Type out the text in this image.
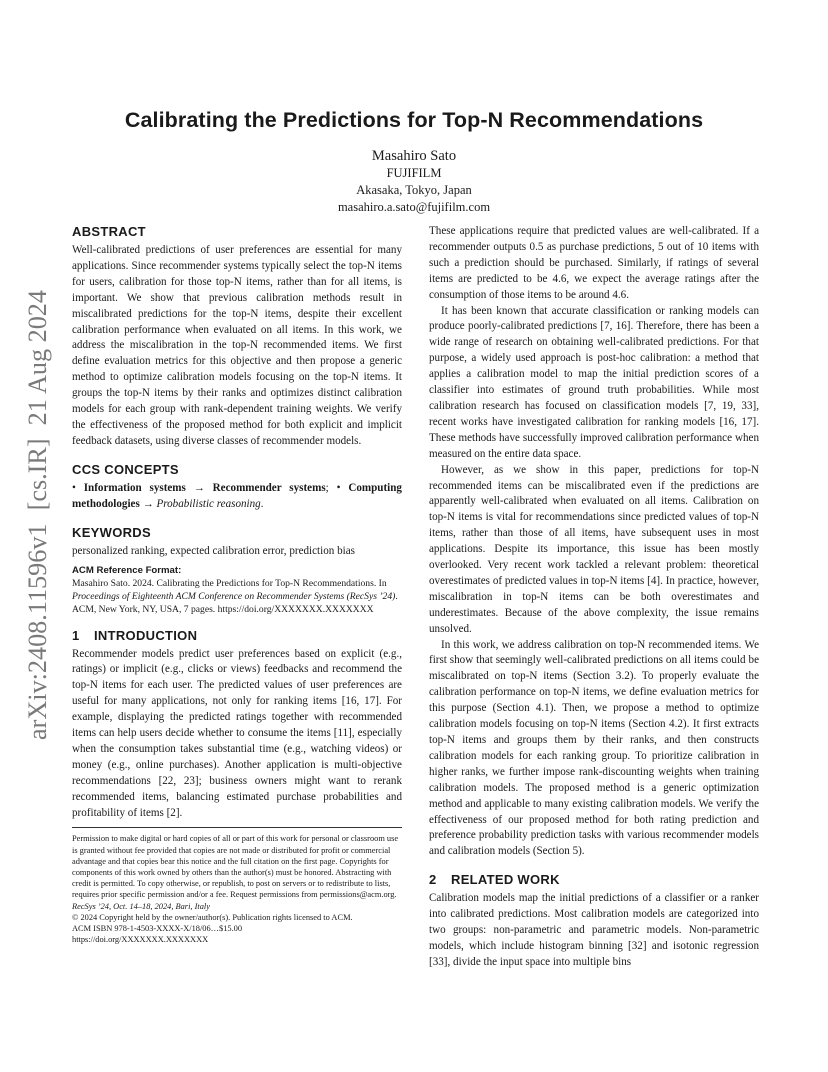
arXiv:2408.11596v1  [cs.IR]  21 Aug 2024
Calibrating the Predictions for Top-N Recommendations
Masahiro Sato
FUJIFILM
Akasaka, Tokyo, Japan
masahiro.a.sato@fujifilm.com
ABSTRACT

Well-calibrated predictions of user preferences are essential for many applications. Since recommender systems typically select the top-N items for users, calibration for those top-N items, rather than for all items, is important. We show that previous calibration methods result in miscalibrated predictions for the top-N items, despite their excellent calibration performance when evaluated on all items. In this work, we address the miscalibration in the top-N recommended items. We first define evaluation metrics for this objective and then propose a generic method to optimize calibration models focusing on the top-N items. It groups the top-N items by their ranks and optimizes distinct calibration models for each group with rank-dependent training weights. We verify the effectiveness of the proposed method for both explicit and implicit feedback datasets, using diverse classes of recommender models.

CCS CONCEPTS

• Information systems → Recommender systems; • Computing methodologies → Probabilistic reasoning.

KEYWORDS

personalized ranking, expected calibration error, prediction bias

ACM Reference Format:
Masahiro Sato. 2024. Calibrating the Predictions for Top-N Recommendations. In Proceedings of Eighteenth ACM Conference on Recommender Systems (RecSys ’24). ACM, New York, NY, USA, 7 pages. https://doi.org/XXXXXXX.XXXXXXX
1 INTRODUCTION

Recommender models predict user preferences based on explicit (e.g., ratings) or implicit (e.g., clicks or views) feedbacks and recommend the top-N items for each user. The predicted values of user preferences are useful for many applications, not only for ranking items [16, 17]. For example, displaying the predicted ratings together with recommended items can help users decide whether to consume the items [11], especially when the consumption takes substantial time (e.g., watching videos) or money (e.g., online purchases). Another application is multi-objective recommendations [22, 23]; business owners might want to rerank recommended items, balancing estimated purchase probabilities and profitability of items [2].

Permission to make digital or hard copies of all or part of this work for personal or classroom use is granted without fee provided that copies are not made or distributed for profit or commercial advantage and that copies bear this notice and the full citation on the first page. Copyrights for components of this work owned by others than the author(s) must be honored. Abstracting with credit is permitted. To copy otherwise, or republish, to post on servers or to redistribute to lists, requires prior specific permission and/or a fee. Request permissions from permissions@acm.org.
RecSys ’24, Oct. 14–18, 2024, Bari, Italy
© 2024 Copyright held by the owner/author(s). Publication rights licensed to ACM.
ACM ISBN 978-1-4503-XXXX-X/18/06…$15.00
https://doi.org/XXXXXXX.XXXXXXX

These applications require that predicted values are well-calibrated. If a recommender outputs 0.5 as purchase predictions, 5 out of 10 items with such a prediction should be purchased. Similarly, if ratings of several items are predicted to be 4.6, we expect the average ratings after the consumption of those items to be around 4.6.

It has been known that accurate classification or ranking models can produce poorly-calibrated predictions [7, 16]. Therefore, there has been a wide range of research on obtaining well-calibrated predictions. For that purpose, a widely used approach is post-hoc calibration: a method that applies a calibration model to map the initial prediction scores of a classifier into estimates of ground truth probabilities. While most calibration research has focused on classification models [7, 19, 33], recent works have investigated calibration for ranking models [16, 17]. These methods have successfully improved calibration performance when measured on the entire data space.

However, as we show in this paper, predictions for top-N recommended items can be miscalibrated even if the predictions are apparently well-calibrated when evaluated on all items. Calibration on top-N items is vital for recommendations since predicted values of top-N items, rather than those of all items, have subsequent uses in most applications. Despite its importance, this issue has been mostly overlooked. Very recent work tackled a relevant problem: theoretical overestimates of predicted values in top-N items [4]. In practice, however, miscalibration in top-N items can be both overestimates and underestimates. Because of the above complexity, the issue remains unsolved.

In this work, we address calibration on top-N recommended items. We first show that seemingly well-calibrated predictions on all items could be miscalibrated on top-N items (Section 3.2). To properly evaluate the calibration performance on top-N items, we define evaluation metrics for this purpose (Section 4.1). Then, we propose a method to optimize calibration models focusing on top-N items (Section 4.2). It first extracts top-N items and groups them by their ranks, and then constructs calibration models for each ranking group. To prioritize calibration in higher ranks, we further impose rank-discounting weights when training calibration models. The proposed method is a generic optimization method and applicable to many existing calibration models. We verify the effectiveness of our proposed method for both rating prediction and preference probability prediction tasks with various recommender models and calibration models (Section 5).

2 RELATED WORK

Calibration models map the initial predictions of a classifier or a ranker into calibrated predictions. Most calibration models are categorized into two groups: non-parametric and parametric models. Non-parametric models, which include histogram binning [32] and isotonic regression [33], divide the input space into multiple bins
